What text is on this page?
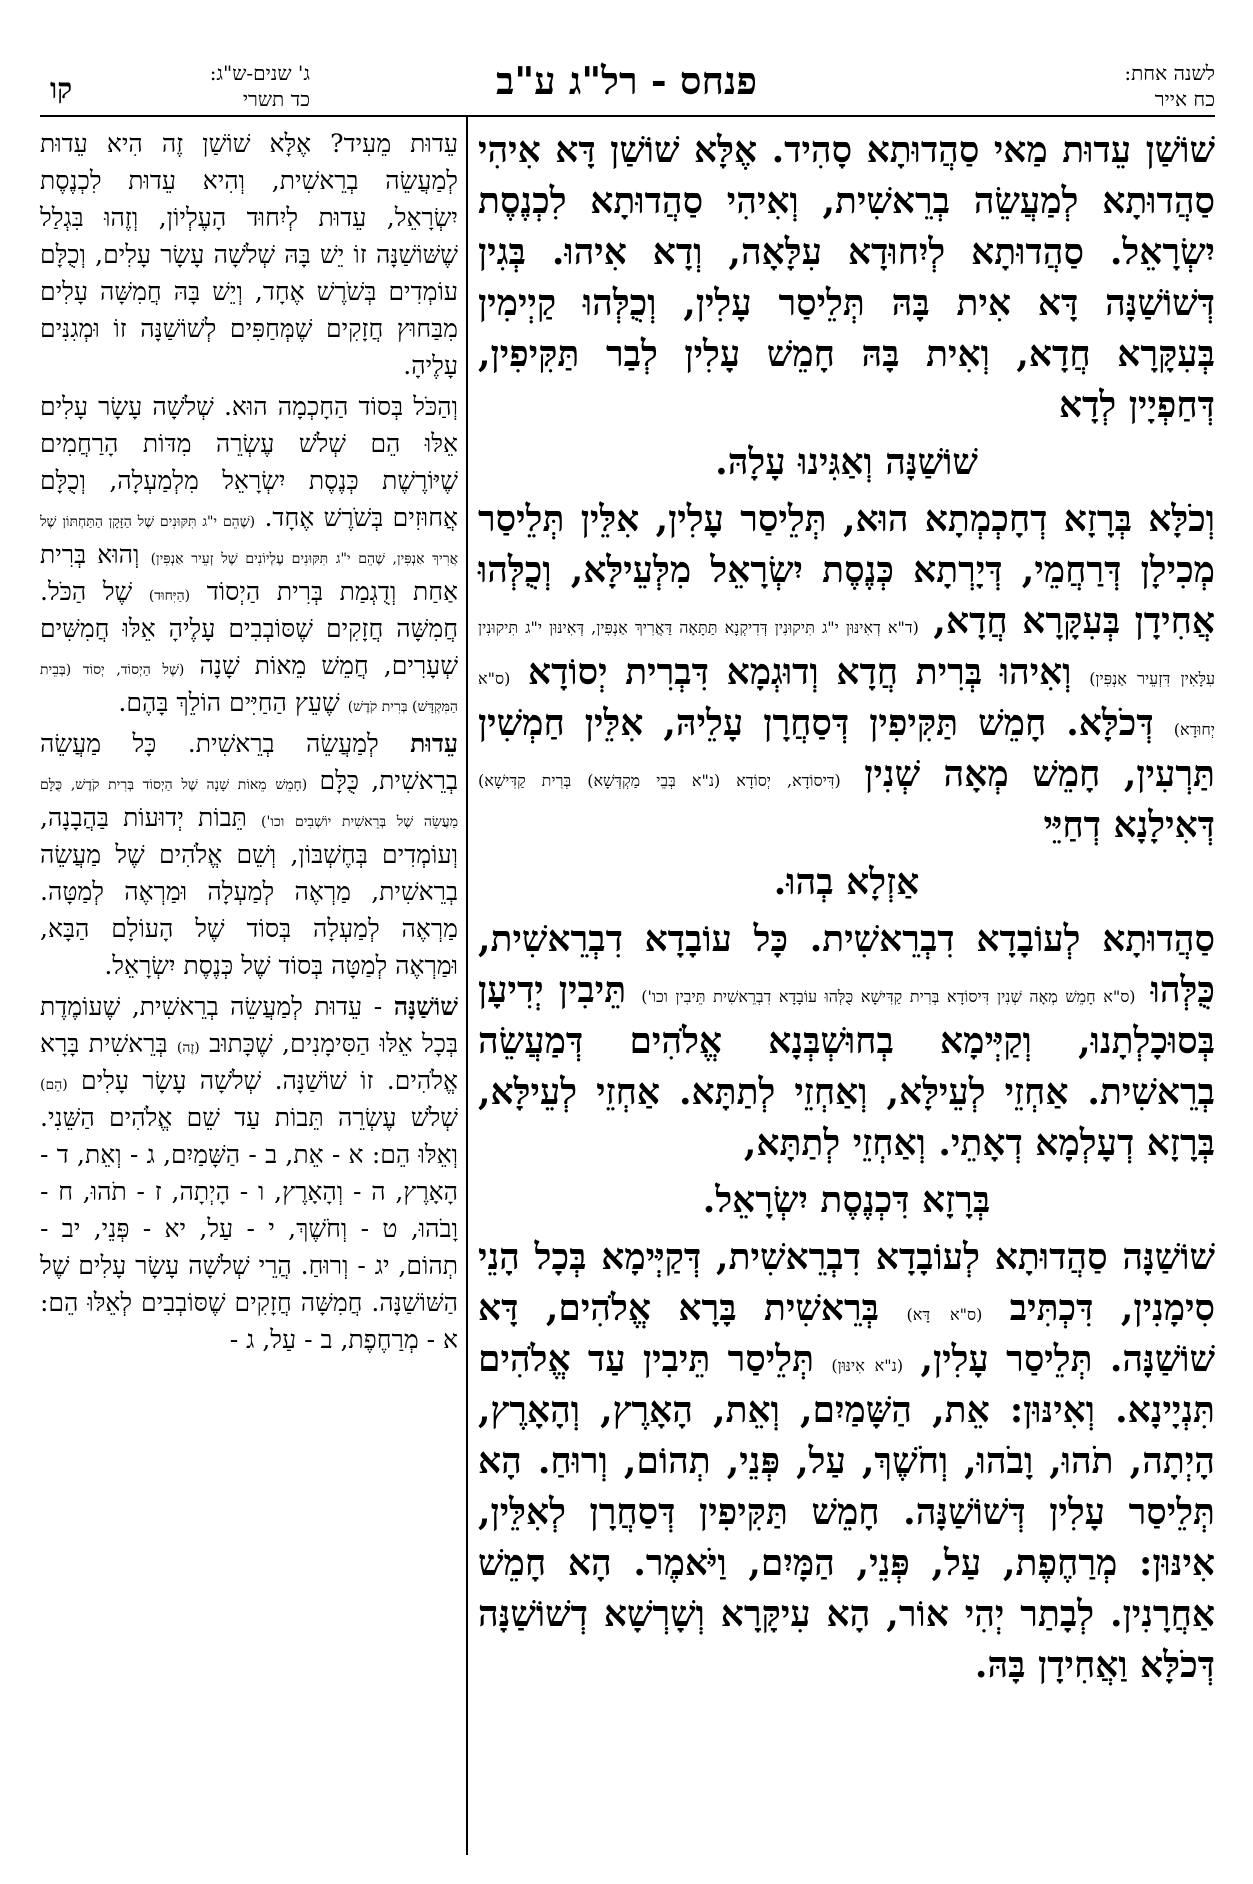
קו	ג' שנים-ש"ג:
כד תשרי	פנחס - רל"ג ע"ב	לשנה אחת:
כח אייר

שׁוֹשַׁן עֵדוּת מַאי סַהֲדוּתָא סָהִיד. אֶלָּא שׁוֹשַׁן דָּא אִיהִי סַהֲדוּתָא לְמַעֲשֵׂה בְרֵאשִׁית, וְאִיהִי סַהֲדוּתָא לִכְנֶסֶת יִשְׂרָאֵל. סַהֲדוּתָא לְיִחוּדָא עִלָּאָה, וְדָא אִיהוּ. בְּגִין דְּשׁוֹשַׁנָּה דָּא אִית בָּהּ תְּלֵיסַר עָלִין, וְכֻלְּהוּ קַיְימִין בְּעִקָּרָא חֲדָא, וְאִית בָּהּ חָמֵשׁ עָלִין לְבַר תַּקִּיפִין, דְּחַפְיָין לְדָא

שׁוֹשַׁנָּה וְאַגִּינוּ עָלָהּ.

וְכֹלָּא בְּרָזָא דְחָכְמְתָא הוּא, תְּלֵיסַר עָלִין, אִלֵּין תְּלֵיסַר מְכִילָן דְּרַחֲמֵי, דְּיָרְתָא כְּנֶסֶת יִשְׂרָאֵל מִלְּעֵילָּא, וְכֻלְּהוּ אֲחִידָן בְּעִקָּרָא חֲדָא, (ד"א דְאִינּוּן י"ג תִּיקוּנִין דְּדִיקְנָא תַּתָּאָה דַּאֲרִיךְ אַנְפִּין, דְּאִינּוּן י"ג תִּיקוּנִין עִלָּאִין דִּזְעֵיר אַנְפִּין) וְאִיהוּ בְּרִית חֲדָא וְדוּגְמָא דִּבְרִית יְסוֹדָא (ס"א יְחוּדָא) דְּכֹלָּא. חָמֵשׁ תַּקִּיפִין דְּסַחֲרָן עָלֵיהּ, אִלֵּין חַמְשִׁין תַּרְעִין, חָמֵשׁ מְאָה שְׁנִין (דִּיסוֹדָא, יְסוֹדָא (נ"א בְּבֵי מַקְדְּשָׁא) בְּרִית קַדִּישָׁא) דְּאִילָנָא דְחַיֵּי

אַזְלָא בְהוּ.

סַהֲדוּתָא לְעוֹבָדָא דִבְרֵאשִׁית. כָּל עוֹבָדָא דִבְרֵאשִׁית, כֻּלְּהוּ (ס"א חָמֵשׁ מְאָה שְׁנִין דִּיסוֹדָא בְּרִית קַדִּישָׁא כֻּלְּהוּ עוֹבָדָא דִבְרֵאשִׁית תֵּיבִין וכו') תֵּיבִין יְדִיעָן בְּסוּכָלְתָנוּ, וְקַיְּימָא בְחוּשְׁבְּנָא אֱלֹהִים דְּמַעֲשֵׂה בְרֵאשִׁית. אַחְזֵי לְעֵילָּא, וְאַחְזֵי לְתַתָּא. אַחְזֵי לְעֵילָּא, בְּרָזָא דְעָלְמָא דְאָתֵי. וְאַחְזֵי לְתַתָּא,

בְּרָזָא דִּכְנֶסֶת יִשְׂרָאֵל.

שׁוֹשַׁנָּה סַהֲדוּתָא לְעוֹבָדָא דִבְרֵאשִׁית, דְּקַיְּימָא בְּכָל הָנֵי סִימָנִין, דִּכְתִּיב (ס"א דָּא) בְּרֵאשִׁית בָּרָא אֱלֹהִים, דָּא שׁוֹשַׁנָּה. תְּלֵיסַר עָלִין, (נ"א אִינּוּן) תְּלֵיסַר תֵּיבִין עַד אֱלֹהִים תִּנְיָינָא. וְאִינּוּן: אֵת, הַשָּׁמַיִם, וְאֵת, הָאָרֶץ, וְהָאָרֶץ, הָיְתָה, תֹהוּ, וָבֹהוּ, וְחֹשֶׁךְ, עַל, פְּנֵי, תְהוֹם, וְרוּחַ. הָא תְּלֵיסַר עָלִין דְּשׁוֹשַׁנָּה. חָמֵשׁ תַּקִּיפִין דְּסַחֲרָן לְאִלֵּין, אִינּוּן: מְרַחֶפֶת, עַל, פְּנֵי, הַמָּיִם, וַיֹּאמֶר. הָא חָמֵשׁ אַחֲרָנִין. לְבָתַר יְהִי אוֹר, הָא עִיקָּרָא וְשָׁרְשָׁא דְשׁוֹשַׁנָּה דְּכֹלָּא וַאֲחִידָן בָּהּ.

עֵדוּת מֵעִיד? אֶלָּא שׁוֹשַׁן זֶה הִיא עֵדוּת לְמַעֲשֵׂה בְרֵאשִׁית, וְהִיא עֵדוּת לִכְנֶסֶת יִשְׂרָאֵל, עֵדוּת לְיִחוּד הָעֶלְיוֹן, וְזֶהוּ בִּגְלַל שֶׁשּׁוֹשַׁנָּה זוֹ יֵשׁ בָּהּ שְׁלֹשָׁה עָשָׂר עָלִים, וְכֻלָּם עוֹמְדִים בְּשֹׁרֶשׁ אֶחָד, וְיֵשׁ בָּהּ חֲמִשָּׁה עָלִים מִבַּחוּץ חֲזָקִים שֶׁמְּחַפִּים לְשׁוֹשַׁנָּה זוֹ וּמְגִנִּים עָלֶיהָ.

וְהַכֹּל בְּסוֹד הַחָכְמָה הוּא. שְׁלֹשָׁה עָשָׂר עָלִים אֵלּוּ הֵם שְׁלֹשׁ עֶשְׂרֵה מִדּוֹת הָרַחֲמִים שֶׁיּוֹרֶשֶׁת כְּנֶסֶת יִשְׂרָאֵל מִלְמַעְלָה, וְכֻלָּם אֲחוּזִים בְּשֹׁרֶשׁ אֶחָד. (שֶׁהֵם י"ג תִּקּוּנִים שֶׁל הַזָּקָן הַתַּחְתּוֹן שֶׁל אֲרִיךְ אַנְפִּין, שֶׁהֵם י"ג תִּקּוּנִים עֶלְיוֹנִים שֶׁל זְעֵיר אַנְפִּין) וְהוּא בְּרִית אַחַת וְדֻגְמַת בְּרִית הַיְסוֹד (הַיִּחוּד) שֶׁל הַכֹּל. חֲמִשָּׁה חֲזָקִים שֶׁסּוֹבְבִים עָלֶיהָ אֵלּוּ חֲמִשִּׁים שְׁעָרִים, חֲמֵשׁ מֵאוֹת שָׁנָה (שֶׁל הַיְסוֹד, יְסוֹד (בְּבֵית הַמִּקְדָּשׁ) בְּרִית קֹדֶשׁ) שֶׁעֵץ הַחַיִּים הוֹלֵךְ בָּהֶם.

עֵדוּת לְמַעֲשֵׂה בְרֵאשִׁית. כָּל מַעֲשֵׂה בְרֵאשִׁית, כֻּלָּם (חָמֵשׁ מֵאוֹת שָׁנָה שֶׁל הַיְסוֹד בְּרִית קֹדֶשׁ, כֻּלָּם מַעֲשֵׂה שֶׁל בְּרֵאשִׁית יוֹשְׁבִים וכו') תֵּבוֹת יְדוּעוֹת בַּהֲבָנָה, וְעוֹמְדִים בְּחֶשְׁבּוֹן, וְשֵׁם אֱלֹהִים שֶׁל מַעֲשֵׂה בְרֵאשִׁית, מַרְאֶה לְמַעְלָה וּמַרְאֶה לְמַטָּה. מַרְאֶה לְמַעְלָה בְּסוֹד שֶׁל הָעוֹלָם הַבָּא, וּמַרְאֶה לְמַטָּה בְּסוֹד שֶׁל כְּנֶסֶת יִשְׂרָאֵל.

שׁוֹשַׁנָּה - עֵדוּת לְמַעֲשֵׂה בְרֵאשִׁית, שֶׁעוֹמֶדֶת בְּכָל אֵלּוּ הַסִּימָנִים, שֶׁכָּתוּב (זֶה) בְּרֵאשִׁית בָּרָא אֱלֹהִים. זוֹ שׁוֹשַׁנָּה. שְׁלֹשָׁה עָשָׂר עָלִים (הֵם) שְׁלֹשׁ עֶשְׂרֵה תֵּבוֹת עַד שֵׁם אֱלֹהִים הַשֵּׁנִי. וְאֵלּוּ הֵם: א - אֵת, ב - הַשָּׁמַיִם, ג - וְאֵת, ד - הָאָרֶץ, ה - וְהָאָרֶץ, ו - הָיְתָה, ז - תֹהוּ, ח - וָבֹהוּ, ט - וְחֹשֶׁךְ, י - עַל, יא - פְּנֵי, יב - תְהוֹם, יג - וְרוּחַ. הֲרֵי שְׁלֹשָׁה עָשָׂר עָלִים שֶׁל הַשּׁוֹשַׁנָּה. חֲמִשָּׁה חֲזָקִים שֶׁסּוֹבְבִים לְאֵלּוּ הֵם: א - מְרַחֶפֶת, ב - עַל, ג -
